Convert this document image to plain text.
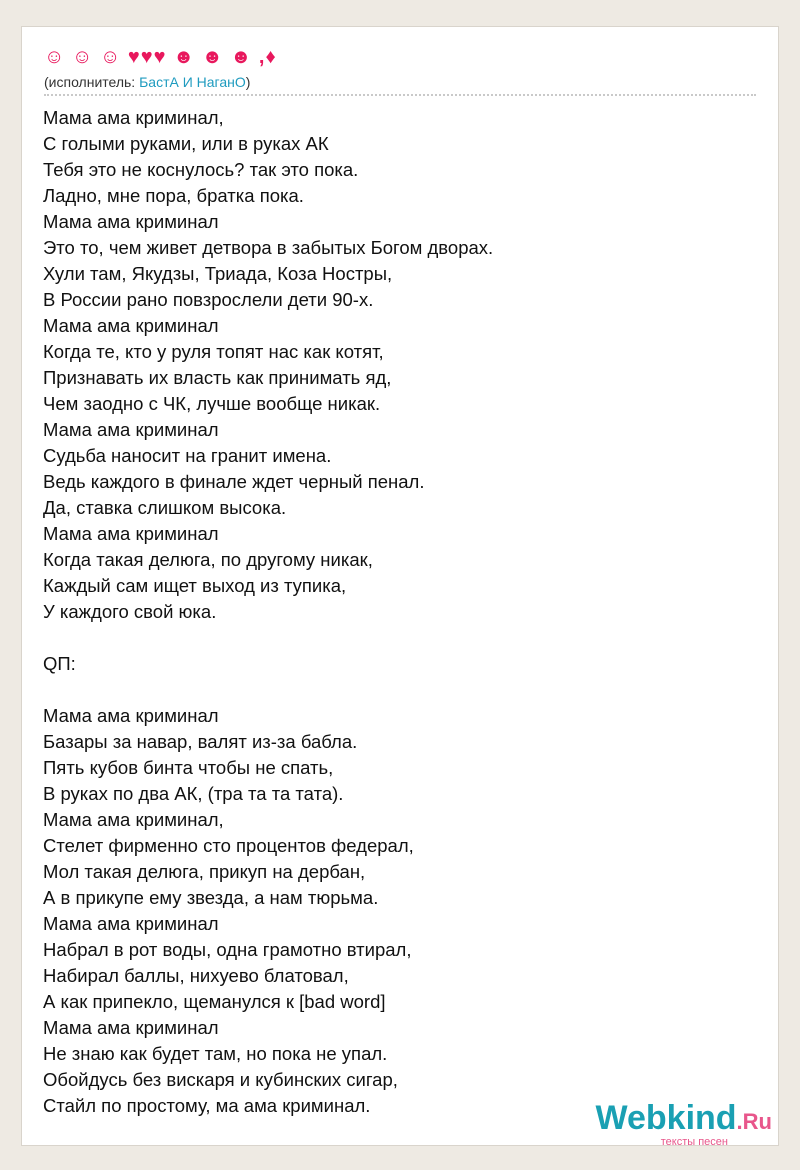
☺ ☺ ☺ ♥♥♥ ☻ ☻ ☻ ,♦
(исполнитель: БастА И НаганО)
Мама ама криминал,
С голыми руками, или в руках АК
Тебя это не коснулось? так это пока.
Ладно, мне пора, братка пока.
Мама ама криминал
Это то, чем живет детвора в забытых Богом дворах.
Хули там, Якудзы, Триада, Коза Ностры,
В России рано повзрослели дети 90-х.
Мама ама криминал
Когда те, кто у руля топят нас как котят,
Признавать их власть как принимать яд,
Чем заодно с ЧК, лучше вообще никак.
Мама ама криминал
Судьба наносит на гранит имена.
Ведь каждого в финале ждет черный пенал.
Да, ставка слишком высока.
Мама ама криминал
Когда такая делюга, по другому никак,
Каждый сам ищет выход из тупика,
У каждого свой юка.
QП:
Мама ама криминал
Базары за навар, валят из-за бабла.
Пять кубов бинта чтобы не спать,
В руках по два АК, (тра та та тата).
Мама ама криминал,
Стелет фирменно сто процентов федерал,
Мол такая делюга, прикуп на дербан,
А в прикупе ему звезда, а нам тюрьма.
Мама ама криминал
Набрал в рот воды, одна грамотно втирал,
Набирал баллы, нихуево блатовал,
А как припекло, щеманулся к [bad word]
Мама ама криминал
Не знаю как будет там, но пока не упал.
Обойдусь без вискаря и кубинских сигар,
Стайл по простому, ма ама криминал.	Webkind.Ru
тексты песен
